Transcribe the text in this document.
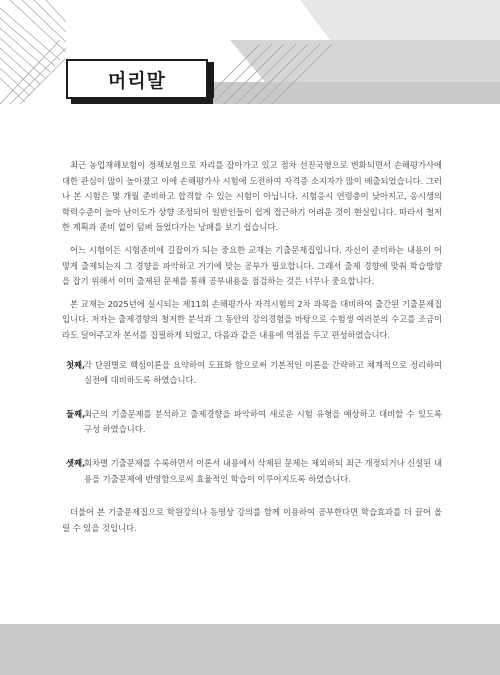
머리말

최근 농업재해보험이 정책보험으로 자리를 잡아가고 있고 점차 선진국형으로 변화되면서 손해평가사에 대한 관심이 많이 높아졌고 이에 손해평가사 시험에 도전하여 자격증 소지자가 많이 배출되었습니다. 그러나 본 시험은 몇 개월 준비하고 합격할 수 있는 시험이 아닙니다. 시험응시 연령층이 낮아지고, 응시생의 학력수준이 높아 난이도가 상향 조정되어 일반인들이 쉽게 접근하기 어려운 것이 현실입니다. 따라서 철저한 계획과 준비 없이 덤벼 들었다가는 낭패를 보기 쉽습니다.

어느 시험이든 시험준비에 길잡이가 되는 중요한 교재는 기출문제집입니다. 자신이 준비하는 내용이 어떻게 출제되는지 그 경향을 파악하고 거기에 맞는 공부가 필요합니다. 그래서 출제 경향에 맞춰 학습방향을 잡기 위해서 이미 출제된 문제를 통해 공부내용을 점검하는 것은 너무나 중요합니다.

본 교재는 2025년에 실시되는 제11회 손해평가사 자격시험의 2차 과목을 대비하여 출간된 기출문제집입니다. 저자는 출제경향의 철저한 분석과 그 동안의 강의경험을 바탕으로 수험생 여러분의 수고를 조금이라도 덜어주고자 본서를 집필하게 되었고, 다음과 같은 내용에 역점을 두고 편성하였습니다.

첫째,
각 단원별로 핵심이론을 요약하여 도표화 함으로써 기본적인 이론을 간략하고 체계적으로 정리하여 실전에 대비하도록 하였습니다.
둘째,
최근의 기출문제를 분석하고 출제경향을 파악하여 새로운 시험 유형을 예상하고 대비할 수 있도록 구성 하였습니다.
셋째,
회차별 기출문제를 수록하면서 이론서 내용에서 삭제된 문제는 제외하되 최근 개정되거나 신설된 내용을 기출문제에 반영함으로써 효율적인 학습이 이루어지도록 하였습니다.

더불어 본 기출문제집으로 학원강의나 동영상 강의를 함께 이용하여 공부한다면 학습효과를 더 끌어 올릴 수 있을 것입니다.
